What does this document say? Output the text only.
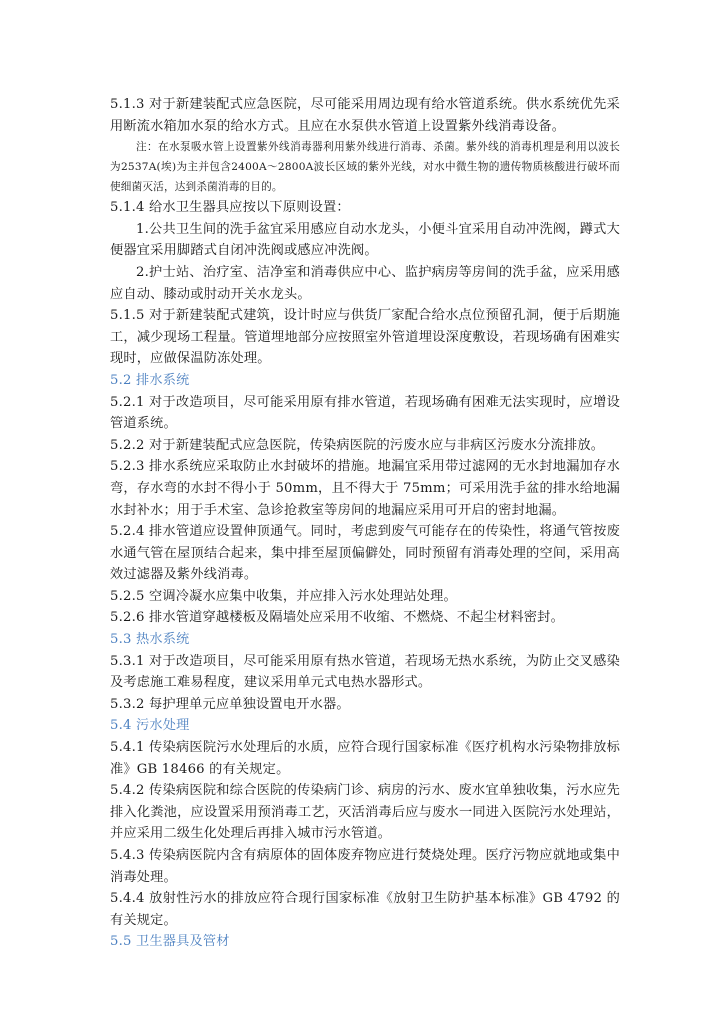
5.1.3 对于新建装配式应急医院，尽可能采用周边现有给水管道系统。供水系统优先采用断流水箱加水泵的给水方式。且应在水泵供水管道上设置紫外线消毒设备。

注：在水泵吸水管上设置紫外线消毒器利用紫外线进行消毒、杀菌。紫外线的消毒机理是利用以波长为2537A(埃)为主并包含2400A～2800A波长区域的紫外光线，对水中微生物的遗传物质核酸进行破坏而使细菌灭活，达到杀菌消毒的目的。

5.1.4 给水卫生器具应按以下原则设置：

1.公共卫生间的洗手盆宜采用感应自动水龙头，小便斗宜采用自动冲洗阀，蹲式大便器宜采用脚踏式自闭冲洗阀或感应冲洗阀。

2.护士站、治疗室、洁净室和消毒供应中心、监护病房等房间的洗手盆，应采用感应自动、膝动或肘动开关水龙头。

5.1.5 对于新建装配式建筑，设计时应与供货厂家配合给水点位预留孔洞，便于后期施工，减少现场工程量。管道埋地部分应按照室外管道埋设深度敷设，若现场确有困难实现时，应做保温防冻处理。

5.2 排水系统

5.2.1 对于改造项目，尽可能采用原有排水管道，若现场确有困难无法实现时，应增设管道系统。

5.2.2 对于新建装配式应急医院，传染病医院的污废水应与非病区污废水分流排放。

5.2.3 排水系统应采取防止水封破坏的措施。地漏宜采用带过滤网的无水封地漏加存水弯，存水弯的水封不得小于 50mm，且不得大于 75mm；可采用洗手盆的排水给地漏水封补水；用于手术室、急诊抢救室等房间的地漏应采用可开启的密封地漏。

5.2.4 排水管道应设置伸顶通气。同时，考虑到废气可能存在的传染性，将通气管按废水通气管在屋顶结合起来，集中排至屋顶偏僻处，同时预留有消毒处理的空间，采用高效过滤器及紫外线消毒。

5.2.5 空调冷凝水应集中收集，并应排入污水处理站处理。

5.2.6 排水管道穿越楼板及隔墙处应采用不收缩、不燃烧、不起尘材料密封。

5.3 热水系统

5.3.1 对于改造项目，尽可能采用原有热水管道，若现场无热水系统，为防止交叉感染及考虑施工难易程度，建议采用单元式电热水器形式。

5.3.2 每护理单元应单独设置电开水器。

5.4 污水处理

5.4.1 传染病医院污水处理后的水质，应符合现行国家标准《医疗机构水污染物排放标准》GB 18466 的有关规定。

5.4.2 传染病医院和综合医院的传染病门诊、病房的污水、废水宜单独收集，污水应先排入化粪池，应设置采用预消毒工艺，灭活消毒后应与废水一同进入医院污水处理站，并应采用二级生化处理后再排入城市污水管道。

5.4.3 传染病医院内含有病原体的固体废弃物应进行焚烧处理。医疗污物应就地或集中消毒处理。

5.4.4 放射性污水的排放应符合现行国家标准《放射卫生防护基本标准》GB 4792 的有关规定。

5.5 卫生器具及管材
